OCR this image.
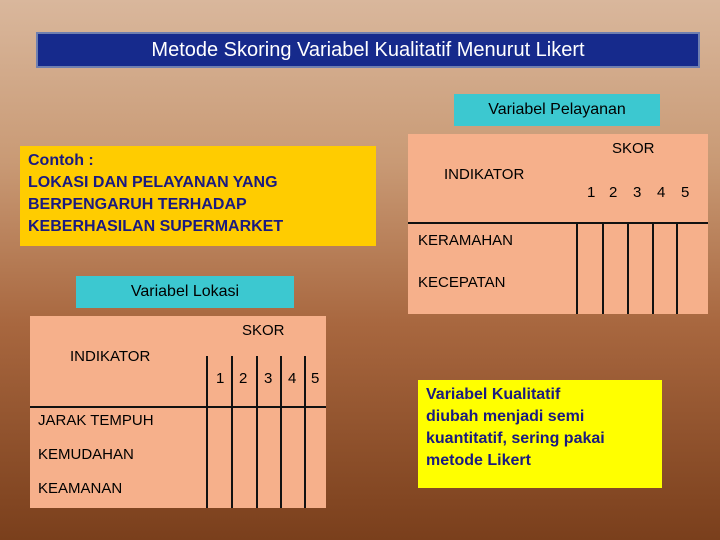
Metode Skoring Variabel Kualitatif Menurut Likert
Variabel Pelayanan
SKOR
INDIKATOR
1 2 3 4 5
KERAMAHAN
KECEPATAN
Contoh :
LOKASI DAN PELAYANAN YANG
BERPENGARUH TERHADAP
KEBERHASILAN SUPERMARKET
Variabel Lokasi
SKOR
INDIKATOR
1 2 3 4 5
JARAK TEMPUH
KEMUDAHAN
KEAMANAN
Variabel Kualitatif
diubah menjadi semi
kuantitatif, sering pakai
metode Likert
